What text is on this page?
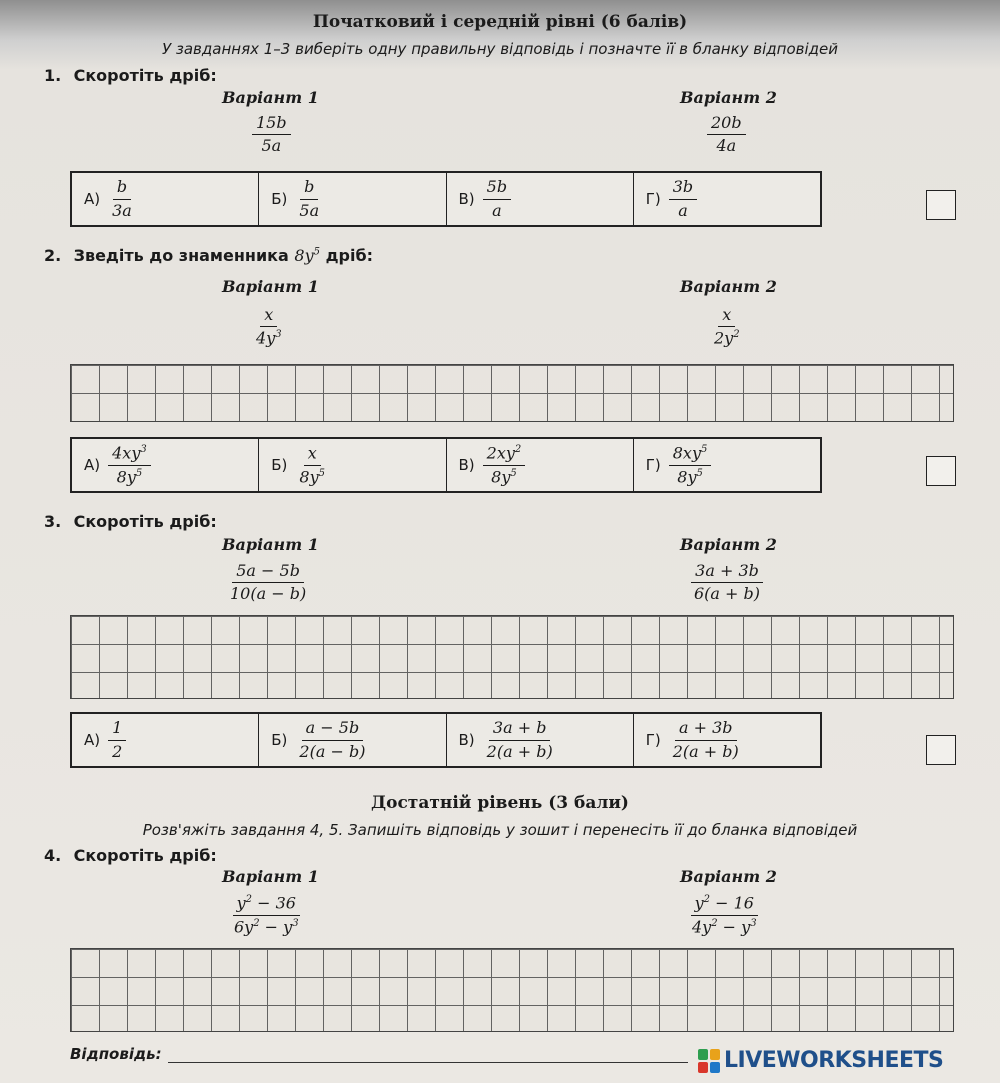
Початковий і середній рівні (6 балів)
У завданнях 1–3 виберіть одну правильну відповідь і позначте її в бланку відповідей
1. Скоротіть дріб:
Варіант 1	Варіант 2
$\frac{15b}{5a}$	$\frac{20b}{4a}$
$А) \frac{b}{3a}$	$Б) \frac{b}{5a}$	$В) \frac{5b}{a}$	$Г) \frac{3b}{a}$
2. Зведіть до знаменника $8y^5$ дріб:
Варіант 1	Варіант 2
$\frac{x}{4y^3}$	$\frac{x}{2y^2}$
$А) \frac{4xy^3}{8y^5}$	$Б) \frac{x}{8y^5}$	$В) \frac{2xy^2}{8y^5}$	$Г) \frac{8xy^5}{8y^5}$
3. Скоротіть дріб:
Варіант 1	Варіант 2
$\frac{5a - 5b}{10(a - b)}$	$\frac{3a + 3b}{6(a + b)}$
$А) \frac{1}{2}$	$Б) \frac{a - 5b}{2(a - b)}$	$В) \frac{3a + b}{2(a + b)}$	$Г) \frac{a + 3b}{2(a + b)}$
Достатній рівень (3 бали)
Розв'яжіть завдання 4, 5. Запишіть відповідь у зошит і перенесіть її до бланка відповідей
4. Скоротіть дріб:
Варіант 1	Варіант 2
$\frac{y^2 - 36}{6y^2 - y^3}$	$\frac{y^2 - 16}{4y^2 - y^3}$
Відповідь:	LIVEWORKSHEETS
